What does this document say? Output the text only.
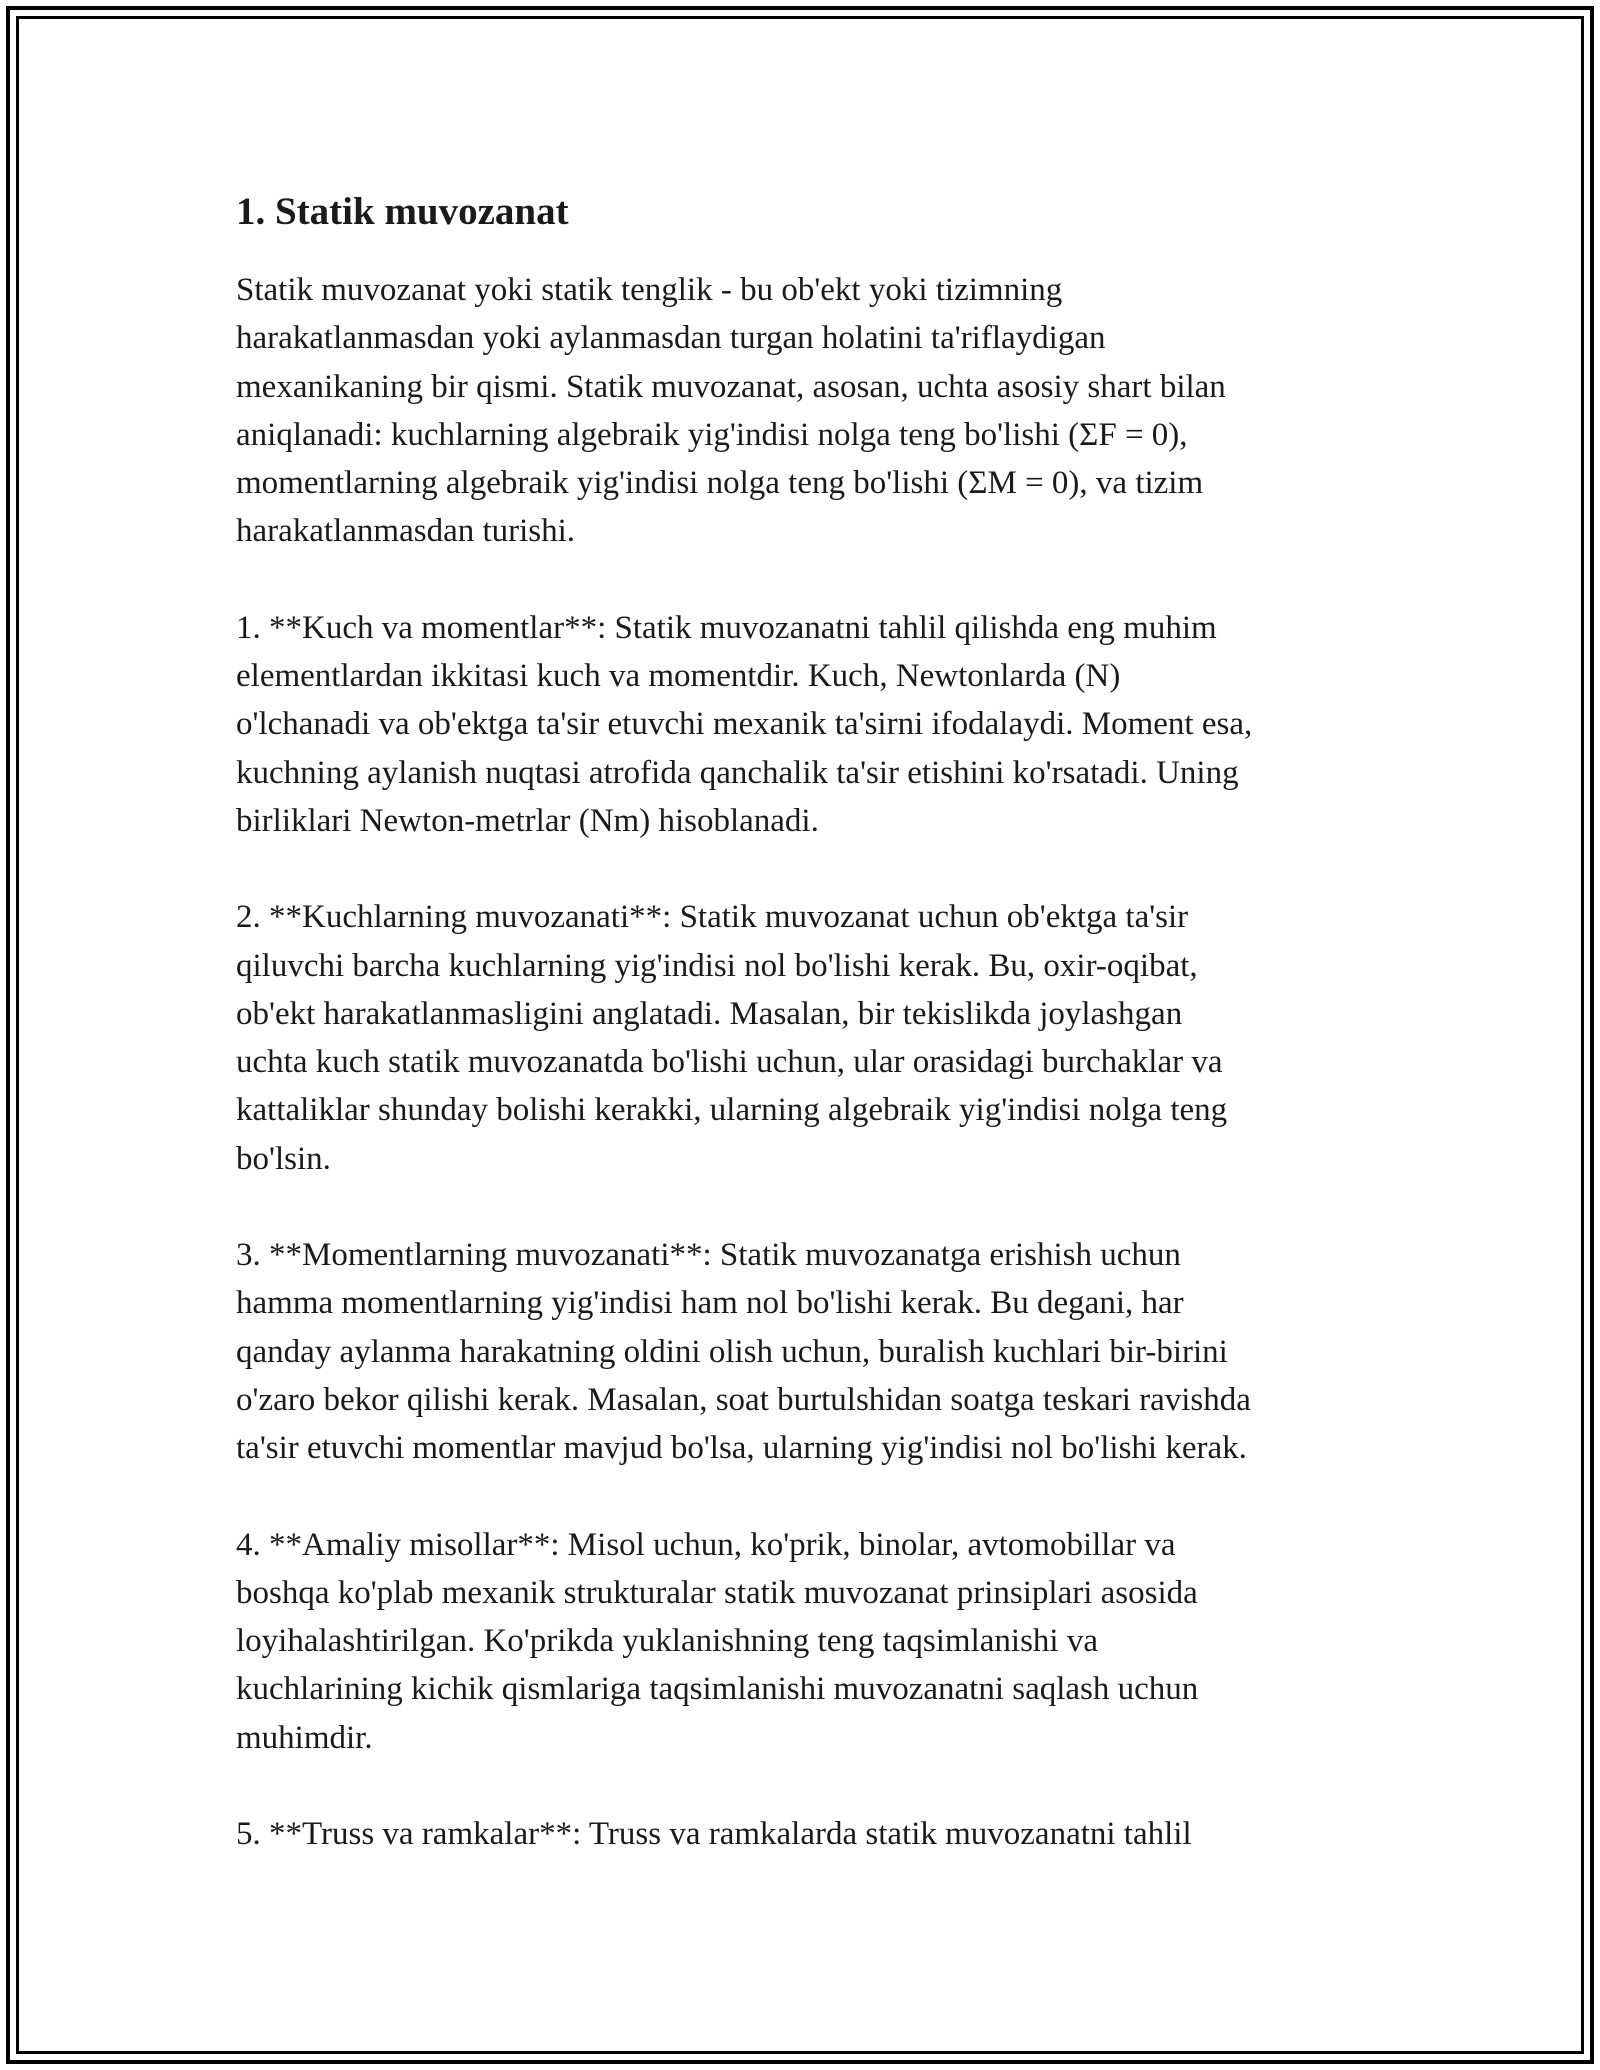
1. Statik muvozanat

Statik muvozanat yoki statik tenglik - bu ob'ekt yoki tizimning
harakatlanmasdan yoki aylanmasdan turgan holatini ta'riflaydigan
mexanikaning bir qismi. Statik muvozanat, asosan, uchta asosiy shart bilan
aniqlanadi: kuchlarning algebraik yig'indisi nolga teng bo'lishi (ΣF = 0),
momentlarning algebraik yig'indisi nolga teng bo'lishi (ΣM = 0), va tizim
harakatlanmasdan turishi.

1. **Kuch va momentlar**: Statik muvozanatni tahlil qilishda eng muhim
elementlardan ikkitasi kuch va momentdir. Kuch, Newtonlarda (N)
o'lchanadi va ob'ektga ta'sir etuvchi mexanik ta'sirni ifodalaydi. Moment esa,
kuchning aylanish nuqtasi atrofida qanchalik ta'sir etishini ko'rsatadi. Uning
birliklari Newton-metrlar (Nm) hisoblanadi.

2. **Kuchlarning muvozanati**: Statik muvozanat uchun ob'ektga ta'sir
qiluvchi barcha kuchlarning yig'indisi nol bo'lishi kerak. Bu, oxir-oqibat,
ob'ekt harakatlanmasligini anglatadi. Masalan, bir tekislikda joylashgan
uchta kuch statik muvozanatda bo'lishi uchun, ular orasidagi burchaklar va
kattaliklar shunday bolishi kerakki, ularning algebraik yig'indisi nolga teng
bo'lsin.

3. **Momentlarning muvozanati**: Statik muvozanatga erishish uchun
hamma momentlarning yig'indisi ham nol bo'lishi kerak. Bu degani, har
qanday aylanma harakatning oldini olish uchun, buralish kuchlari bir-birini
o'zaro bekor qilishi kerak. Masalan, soat burtulshidan soatga teskari ravishda
ta'sir etuvchi momentlar mavjud bo'lsa, ularning yig'indisi nol bo'lishi kerak.

4. **Amaliy misollar**: Misol uchun, ko'prik, binolar, avtomobillar va
boshqa ko'plab mexanik strukturalar statik muvozanat prinsiplari asosida
loyihalashtirilgan. Ko'prikda yuklanishning teng taqsimlanishi va
kuchlarining kichik qismlariga taqsimlanishi muvozanatni saqlash uchun
muhimdir.

5. **Truss va ramkalar**: Truss va ramkalarda statik muvozanatni tahlil
